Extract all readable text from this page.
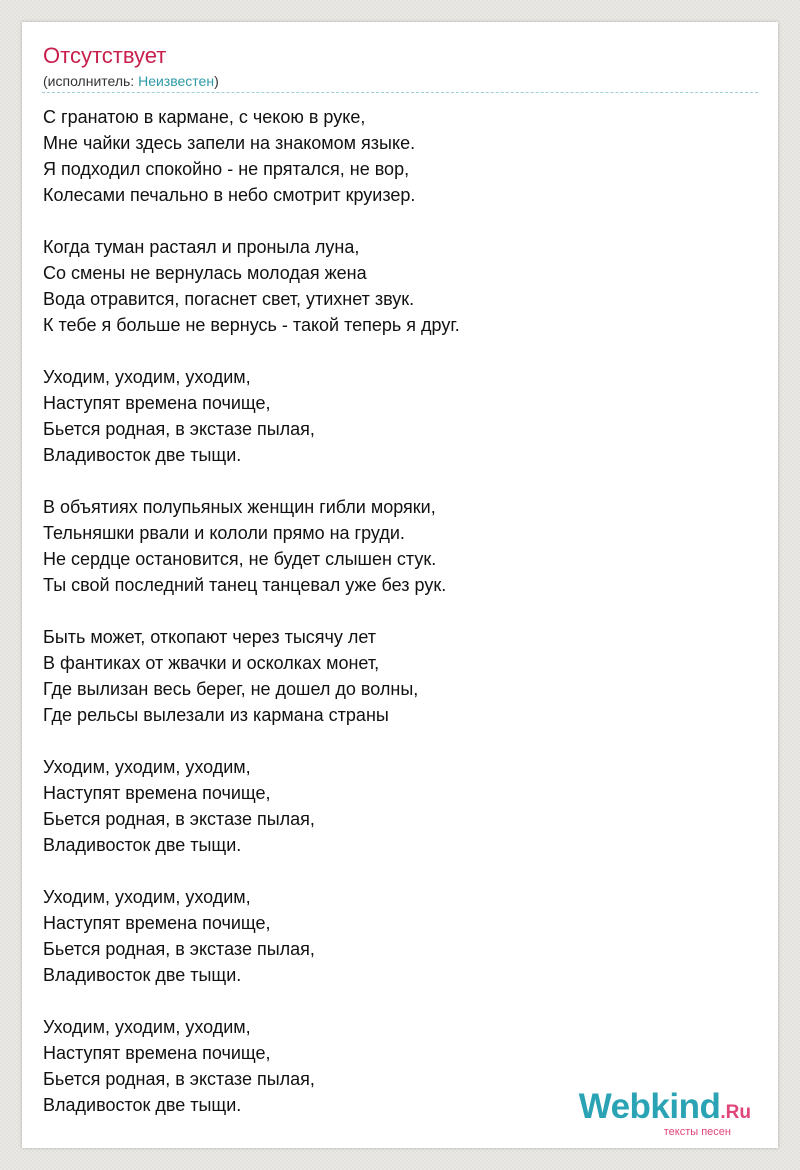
Отсутствует
(исполнитель: Неизвестен)
С гранатою в кармане, с чекою в руке,
Мне чайки здесь запели на знакомом языке.
Я подходил спокойно - не прятался, не вор,
Колесами печально в небо смотрит круизер.
Когда туман растаял и пронылa луна,
Со смены не вернулась молодая жена
Вода отравится, погаснет свет, утихнет звук.
К тебе я больше не вернусь - такой теперь я друг.
Уходим, уходим, уходим,
Наступят времена почище,
Бьется родная, в экстазе пылая,
Владивосток две тыщи.
В объятиях полупьяных женщин гибли моряки,
Тельняшки рвали и кололи прямо на груди.
Не сердце остановится, не будет слышен стук.
Ты свой последний танец танцевал уже без рук.
Быть может, откопают через тысячу лет
В фантиках от жвачки и осколках монет,
Где вылизан весь берег, не дошел до волны,
Где рельсы вылезали из кармана страны
Уходим, уходим, уходим,
Наступят времена почище,
Бьется родная, в экстазе пылая,
Владивосток две тыщи.
Уходим, уходим, уходим,
Наступят времена почище,
Бьется родная, в экстазе пылая,
Владивосток две тыщи.
Уходим, уходим, уходим,
Наступят времена почище,
Бьется родная, в экстазе пылая,
Владивосток две тыщи.	Webkind.Ru
тексты песен
